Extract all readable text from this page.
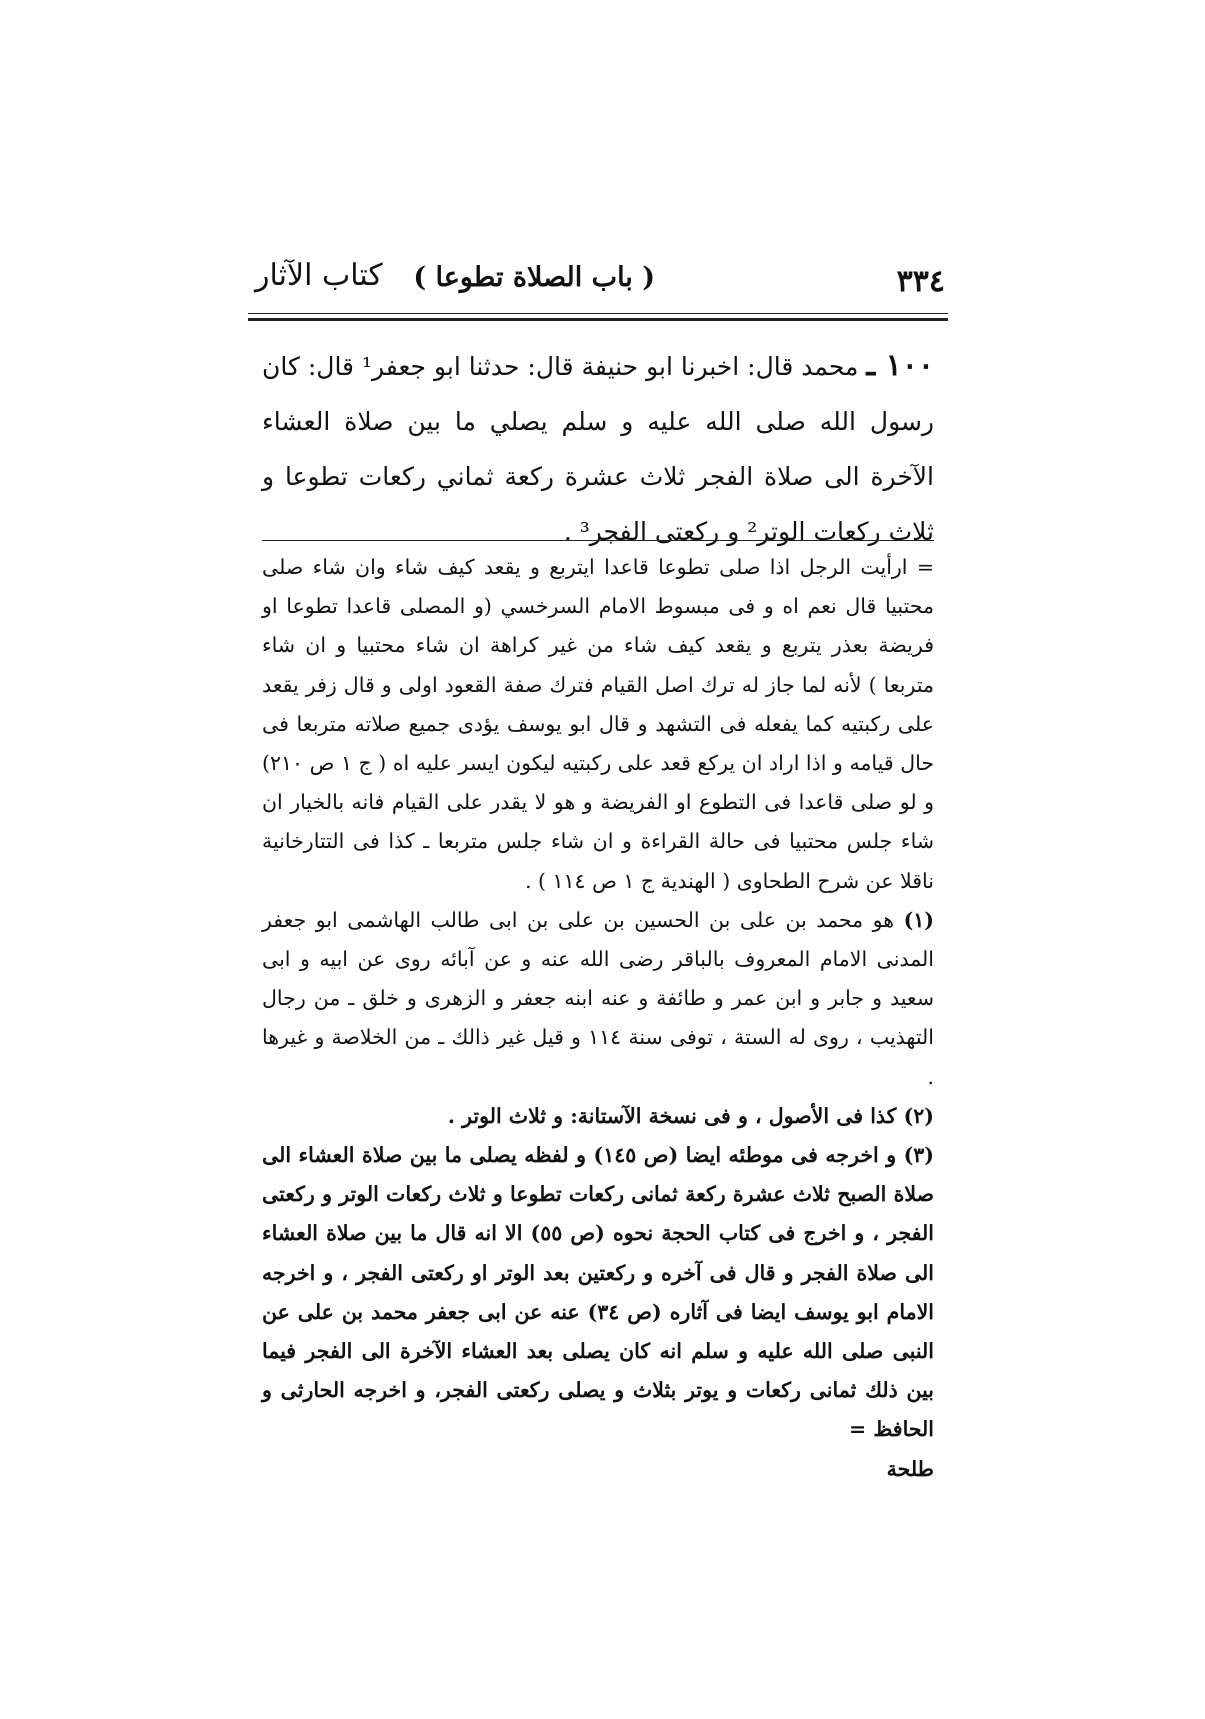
٣٣٤
( باب الصلاة تطوعا )
كتاب الآثار

١٠٠ ـ محمد قال: اخبرنا ابو حنيفة قال: حدثنا ابو جعفر¹ قال: كان رسول الله صلى الله عليه و سلم يصلي ما بين صلاة العشاء الآخرة الى صلاة الفجر ثلاث عشرة ركعة ثماني ركعات تطوعا و ثلاث ركعات الوتر² و ركعتى الفجر³ .

= ارأيت الرجل اذا صلى تطوعا قاعدا ايتربع و يقعد كيف شاء وان شاء صلى محتبيا قال نعم اه و فى مبسوط الامام السرخسي (و المصلى قاعدا تطوعا او فريضة بعذر يتربع و يقعد كيف شاء من غير كراهة ان شاء محتبيا و ان شاء متربعا ) لأنه لما جاز له ترك اصل القيام فترك صفة القعود اولى و قال زفر يقعد على ركبتيه كما يفعله فى التشهد و قال ابو يوسف يؤدى جميع صلاته متربعا فى حال قيامه و اذا اراد ان يركع قعد على ركبتيه ليكون ايسر عليه اه ( ج ١ ص ٢١٠) و لو صلى قاعدا فى التطوع او الفريضة و هو لا يقدر على القيام فانه بالخيار ان شاء جلس محتبيا فى حالة القراءة و ان شاء جلس متربعا ـ كذا فى التتارخانية ناقلا عن شرح الطحاوى ( الهندية ج ١ ص ١١٤ ) .

(١) هو محمد بن على بن الحسين بن على بن ابى طالب الهاشمى ابو جعفر المدنى الامام المعروف بالباقر رضى الله عنه و عن آبائه روى عن ابيه و ابى سعيد و جابر و ابن عمر و طائفة و عنه ابنه جعفر و الزهرى و خلق ـ من رجال التهذيب ، روى له الستة ، توفى سنة ١١٤ و قيل غير ذالك ـ من الخلاصة و غيرها .

(٢) كذا فى الأصول ، و فى نسخة الآستانة: و ثلاث الوتر .

(٣) و اخرجه فى موطئه ايضا (ص ١٤٥) و لفظه يصلى ما بين صلاة العشاء الى صلاة الصبح ثلاث عشرة ركعة ثمانى ركعات تطوعا و ثلاث ركعات الوتر و ركعتى الفجر ، و اخرج فى كتاب الحجة نحوه (ص ٥٥) الا انه قال ما بين صلاة العشاء الى صلاة الفجر و قال فى آخره و ركعتين بعد الوتر او ركعتى الفجر ، و اخرجه الامام ابو يوسف ايضا فى آثاره (ص ٣٤) عنه عن ابى جعفر محمد بن على عن النبى صلى الله عليه و سلم انه كان يصلى بعد العشاء الآخرة الى الفجر فيما بين ذلك ثمانى ركعات و يوتر بثلاث و يصلى ركعتى الفجر، و اخرجه الحارثى و الحافظ =

طلحة
